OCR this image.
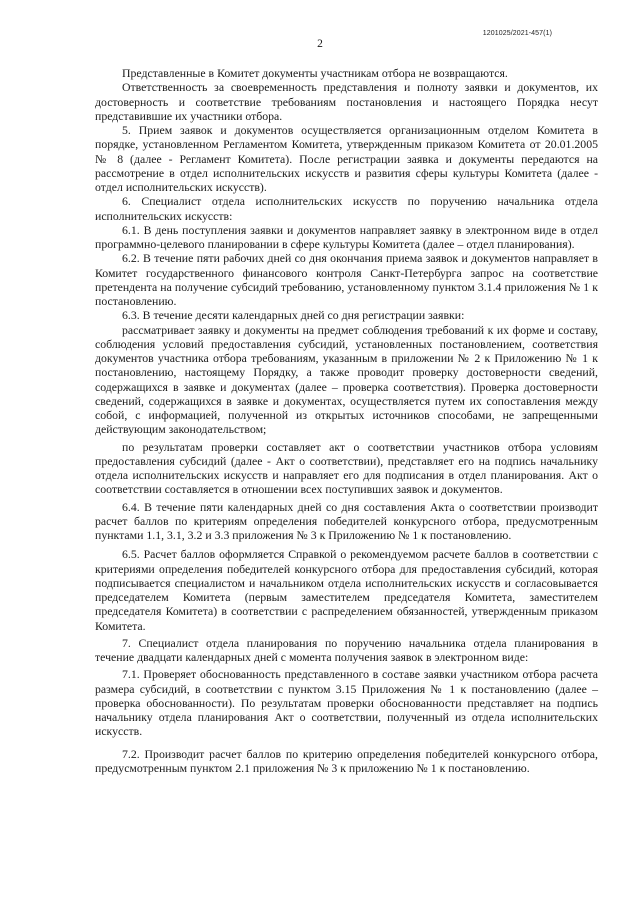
1201025/2021-457(1)
2

Представленные в Комитет документы участникам отбора не возвращаются.

Ответственность за своевременность представления и полноту заявки и документов, их достоверность и соответствие требованиям постановления и настоящего Порядка несут представившие их участники отбора.

5. Прием заявок и документов осуществляется организационным отделом Комитета в порядке, установленном Регламентом Комитета, утвержденным приказом Комитета от 20.01.2005 № 8 (далее - Регламент Комитета). После регистрации заявка и документы передаются на рассмотрение в отдел исполнительских искусств и развития сферы культуры Комитета (далее - отдел исполнительских искусств).

6. Специалист отдела исполнительских искусств по поручению начальника отдела исполнительских искусств:

6.1. В день поступления заявки и документов направляет заявку в электронном виде в отдел программно-целевого планировании в сфере культуры Комитета (далее – отдел планирования).

6.2. В течение пяти рабочих дней со дня окончания приема заявок и документов направляет в Комитет государственного финансового контроля Санкт-Петербурга запрос на соответствие претендента на получение субсидий требованию, установленному пунктом 3.1.4 приложения № 1 к постановлению.

6.3. В течение десяти календарных дней со дня регистрации заявки:

рассматривает заявку и документы на предмет соблюдения требований к их форме и составу, соблюдения условий предоставления субсидий, установленных постановлением, соответствия документов участника отбора требованиям, указанным в приложении № 2 к Приложению № 1 к постановлению, настоящему Порядку, а также проводит проверку достоверности сведений, содержащихся в заявке и документах (далее – проверка соответствия). Проверка достоверности сведений, содержащихся в заявке и документах, осуществляется путем их сопоставления между собой, с информацией, полученной из открытых источников способами, не запрещенными действующим законодательством;

по результатам проверки составляет акт о соответствии участников отбора условиям предоставления субсидий (далее - Акт о соответствии), представляет его на подпись начальнику отдела исполнительских искусств и направляет его для подписания в отдел планирования. Акт о соответствии составляется в отношении всех поступивших заявок и документов.

6.4. В течение пяти календарных дней со дня составления Акта о соответствии производит расчет баллов по критериям определения победителей конкурсного отбора, предусмотренным пунктами 1.1, 3.1, 3.2 и 3.3 приложения № 3 к Приложению № 1 к постановлению.

6.5. Расчет баллов оформляется Справкой о рекомендуемом расчете баллов в соответствии с критериями определения победителей конкурсного отбора для предоставления субсидий, которая подписывается специалистом и начальником отдела исполнительских искусств и согласовывается председателем Комитета (первым заместителем председателя Комитета, заместителем председателя Комитета) в соответствии с распределением обязанностей, утвержденным приказом Комитета.

7. Специалист отдела планирования по поручению начальника отдела планирования в течение двадцати календарных дней с момента получения заявок в электронном виде:

7.1. Проверяет обоснованность представленного в составе заявки участником отбора расчета размера субсидий, в соответствии с пунктом 3.15 Приложения № 1 к постановлению (далее – проверка обоснованности). По результатам проверки обоснованности представляет на подпись начальнику отдела планирования Акт о соответствии, полученный из отдела исполнительских искусств.

7.2. Производит расчет баллов по критерию определения победителей конкурсного отбора, предусмотренным пунктом 2.1 приложения № 3 к приложению № 1 к постановлению.
